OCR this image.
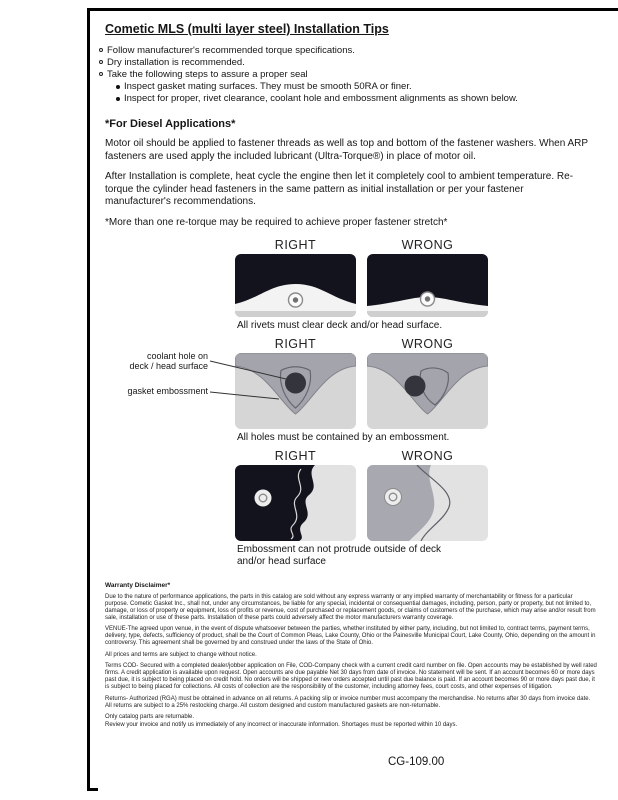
Cometic MLS (multi layer steel) Installation Tips
Follow manufacturer's recommended torque specifications.
Dry installation is recommended.
Take the following steps to assure a proper seal
Inspect gasket mating surfaces. They must be smooth 50RA or finer.
Inspect for proper, rivet clearance, coolant hole and embossment alignments as shown below.
*For Diesel Applications*

Motor oil should be applied to fastener threads as well as top and bottom of the fastener washers. When ARP fasteners are used apply the included lubricant (Ultra-Torque®) in place of motor oil.

After Installation is complete, heat cycle the engine then let it completely cool to ambient temperature. Re-torque the cylinder head fasteners in the same pattern as initial installation or per your fastener manufacturer's recommendations.

*More than one re-torque may be required to achieve proper fastener stretch*

RIGHT	WRONG
All rivets must clear deck and/or head surface.
RIGHT	WRONG
coolant hole on
deck / head surface
gasket embossment
All holes must be contained by an embossment.
RIGHT	WRONG
Embossment can not protrude outside of deck and/or head surface
Warranty Disclaimer*

Due to the nature of performance applications, the parts in this catalog are sold without any express warranty or any implied warranty of merchantability or fitness for a particular purpose. Cometic Gasket Inc., shall not, under any circumstances, be liable for any special, incidental or consequential damages, including, person, party or property, but not limited to, damage, or loss of property or equipment, loss of profits or revenue, cost of purchased or replacement goods, or claims of customers of the purchase, which may arise and/or result from sale, installation or use of these parts. Installation of these parts could adversely affect the motor manufacturers warranty coverage.

VENUE-The agreed upon venue, in the event of dispute whatsoever between the parties, whether instituted by either party, including, but not limited to, contract terms, payment terms, delivery, type, defects, sufficiency of product, shall be the Court of Common Pleas, Lake County, Ohio or the Painesville Municipal Court, Lake County, Ohio, depending on the amount in controversy. This agreement shall be governed by and construed under the laws of the State of Ohio.

All prices and terms are subject to change without notice.

Terms COD- Secured with a completed dealer/jobber application on File, COD-Company check with a current credit card number on file. Open accounts may be established by well rated firms. A credit application is available upon request. Open accounts are due payable Net 30 days from date of invoice. No statement will be sent. If an account becomes 60 or more days past due, it is subject to being placed on credit hold. No orders will be shipped or new orders accepted until past due balance is paid. If an account becomes 90 or more days past due, it is subject to being placed for collections. All costs of collection are the responsibility of the customer, including attorney fees, court costs, and other expenses of litigation.

Returns- Authorized (RGA) must be obtained in advance on all returns. A packing slip or invoice number must accompany the merchandise. No returns after 30 days from invoice date. All returns are subject to a 25% restocking charge. All custom designed and custom manufactured gaskets are non-returnable.

Only catalog parts are returnable.

Review your invoice and notify us immediately of any incorrect or inaccurate information. Shortages must be reported within 10 days.

CG-109.00
